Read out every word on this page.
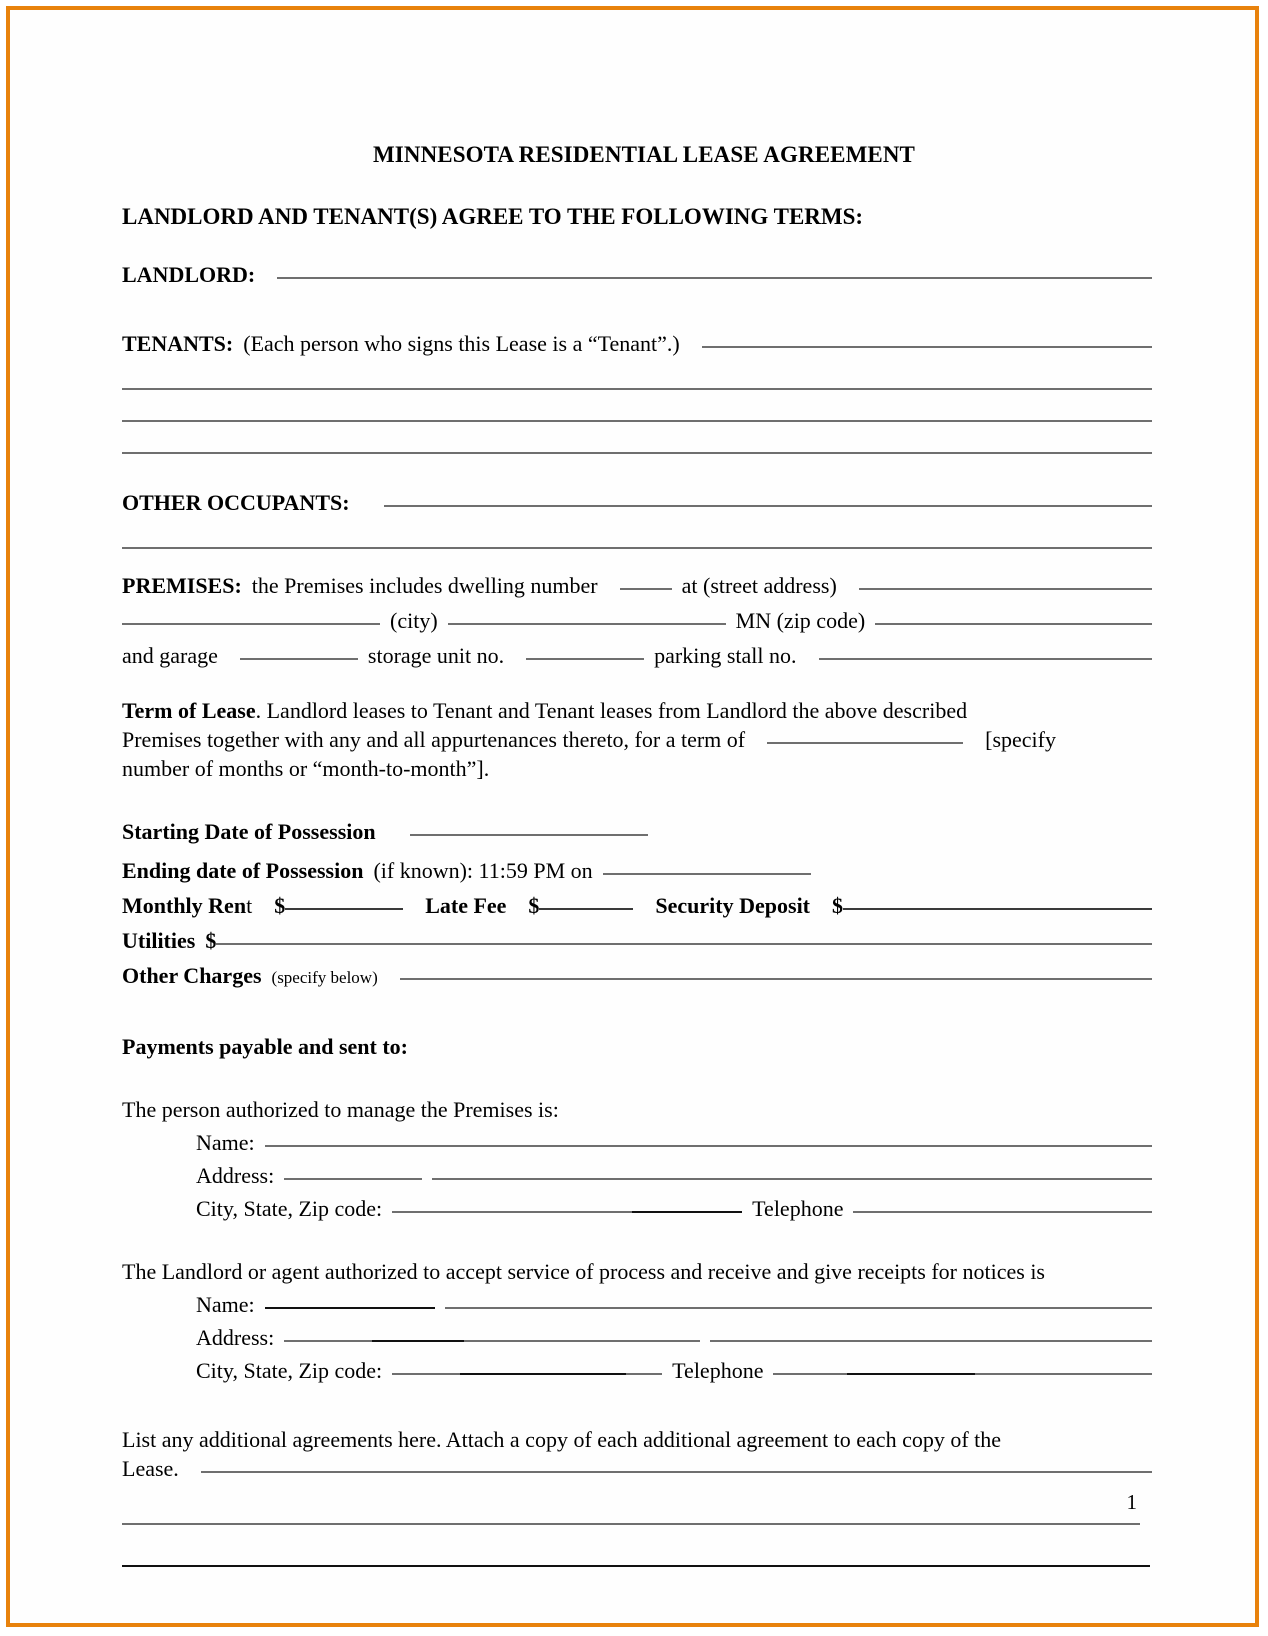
MINNESOTA RESIDENTIAL LEASE AGREEMENT
LANDLORD AND TENANT(S) AGREE TO THE FOLLOWING TERMS:
LANDLORD:
TENANTS: (Each person who signs this Lease is a “Tenant”.)
OTHER OCCUPANTS:
PREMISES: the Premises includes dwelling number	at (street address)
(city)	MN (zip code)
and garage	storage unit no.	parking stall no.
Term of Lease . Landlord leases to Tenant and Tenant leases from Landlord the above described
Premises together with any and all appurtenances thereto, for a term of	[specify
number of months or “month-to-month”].
Starting Date of Possession
Ending date of Possession (if known): 11:59 PM on
Monthly Ren t $	Late Fee $	Security Deposit $
Utilities $
Other Charges (specify below)
Payments payable and sent to:
The person authorized to manage the Premises is:
Name:
Address:
City, State, Zip code:	Telephone
The Landlord or agent authorized to accept service of process and receive and give receipts for notices is
Name:
Address:
City, State, Zip code:	Telephone
List any additional agreements here. Attach a copy of each additional agreement to each copy of the
Lease.
1
